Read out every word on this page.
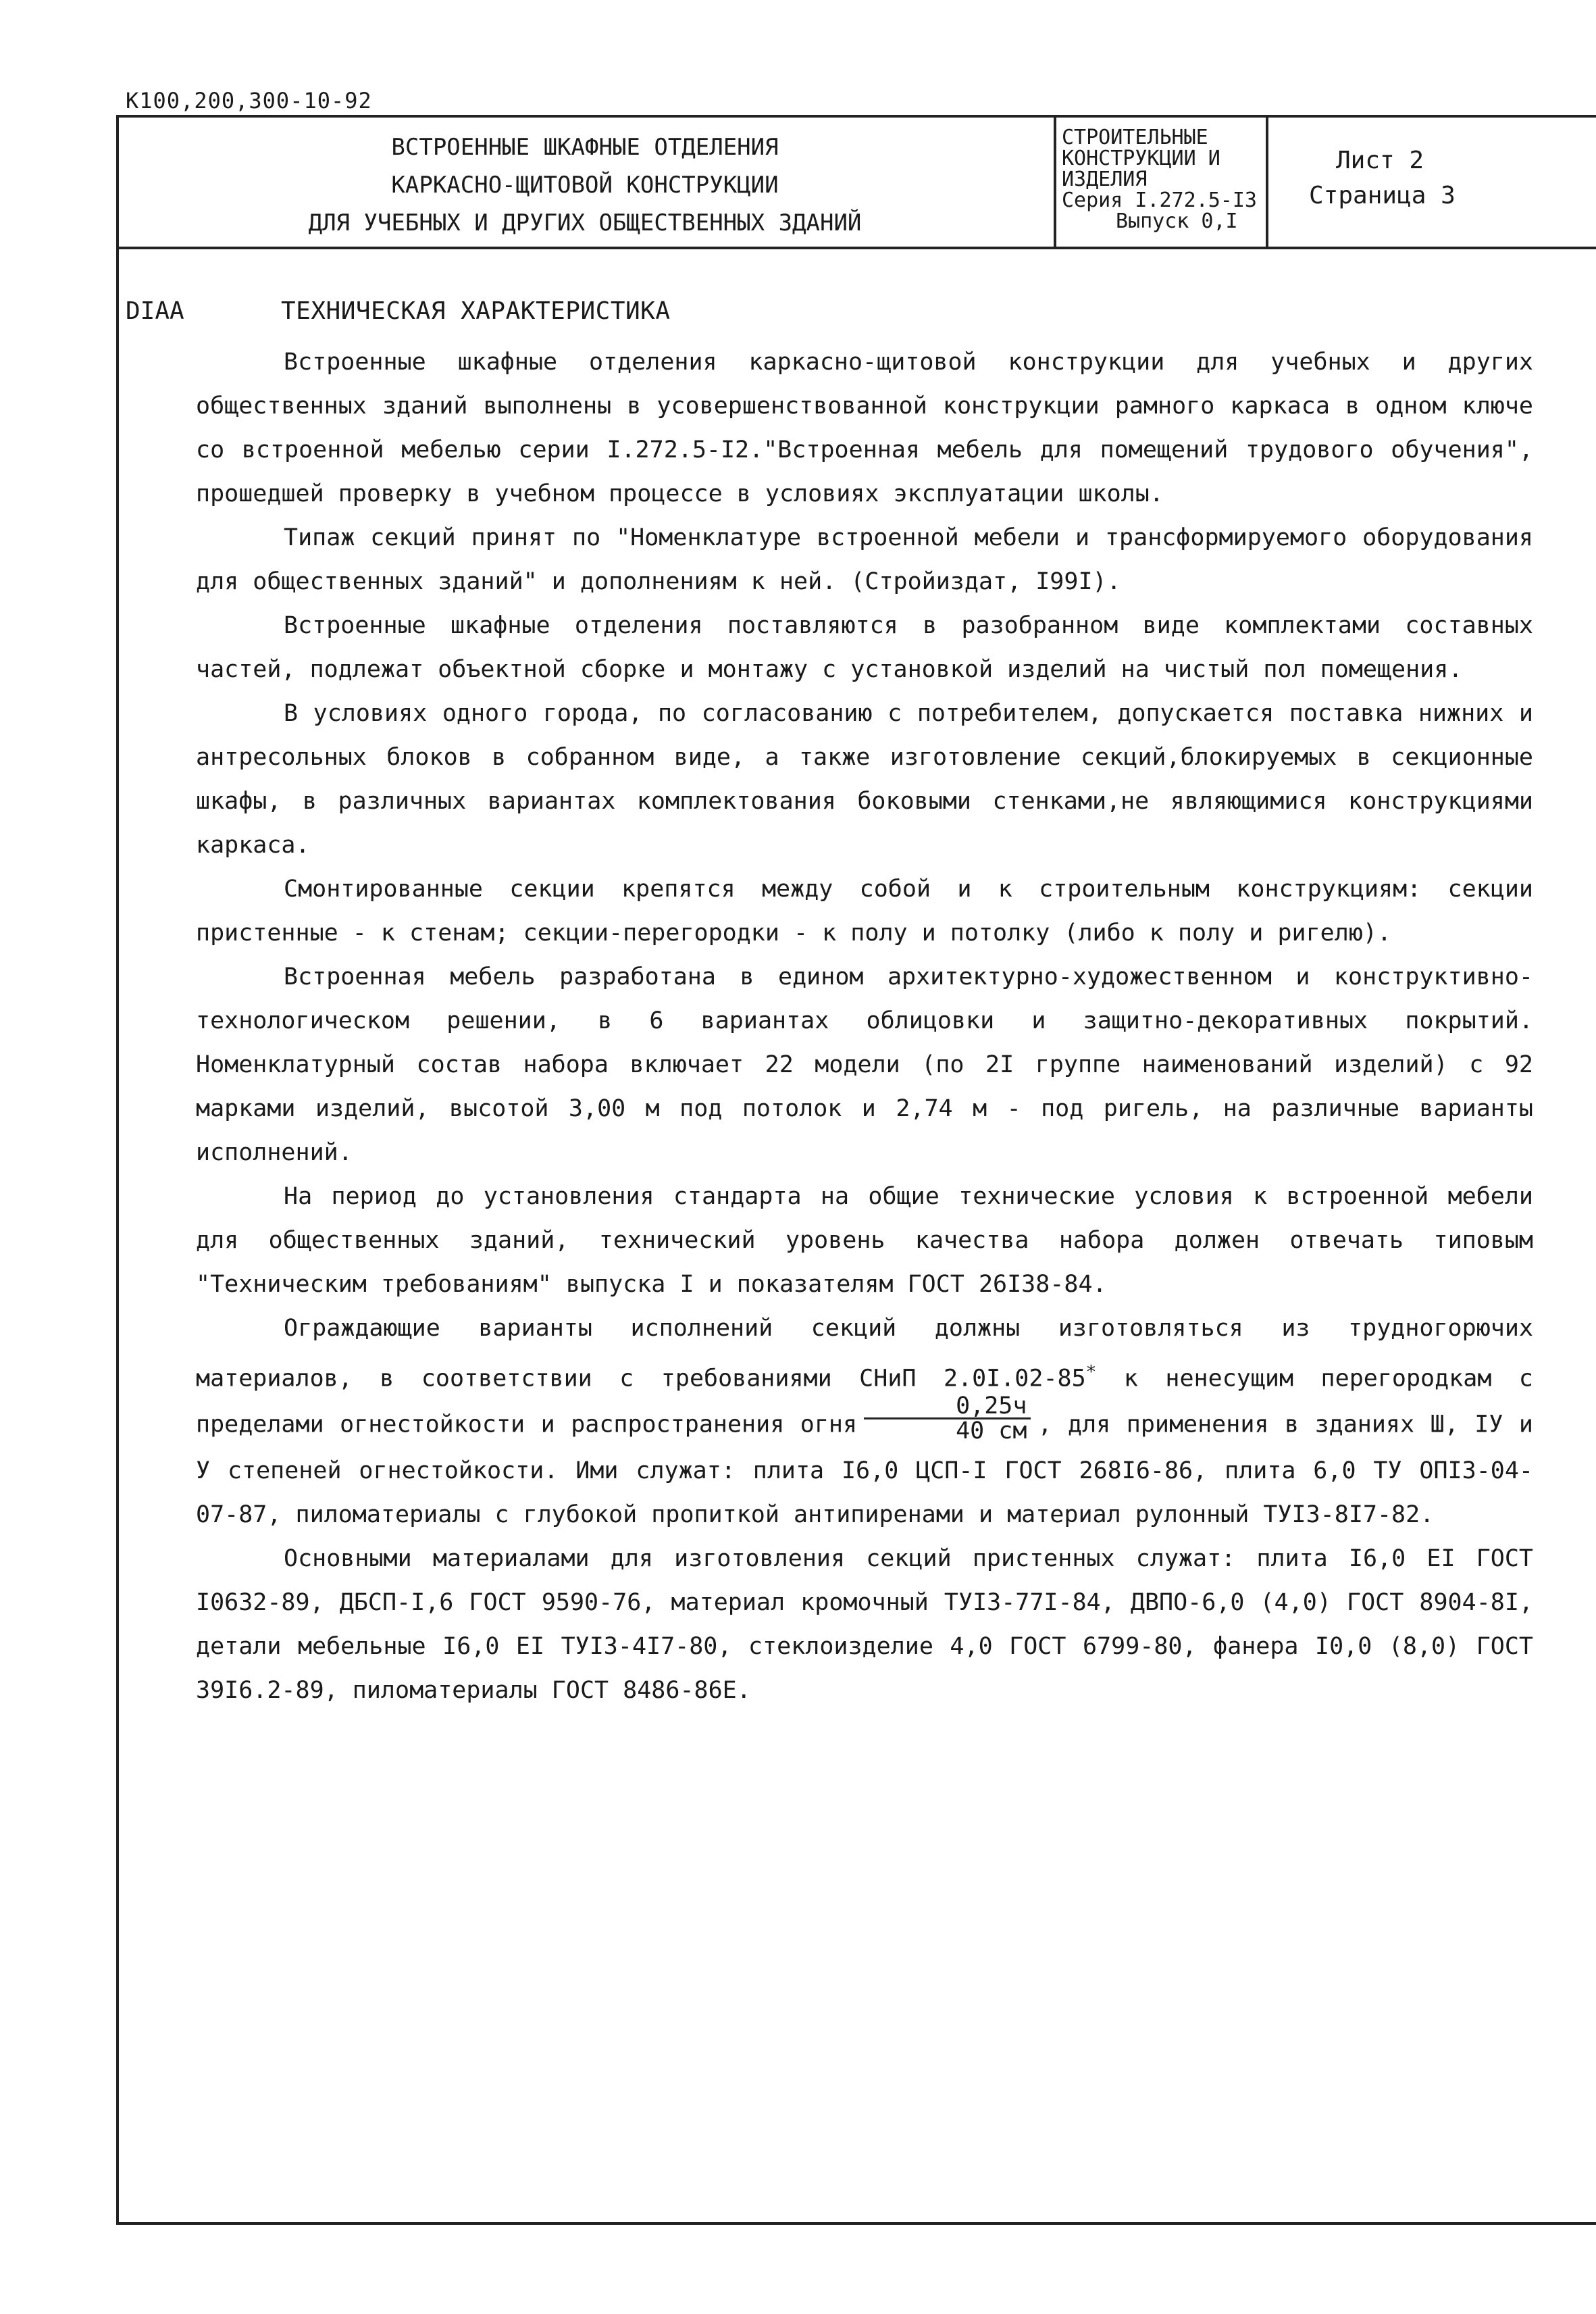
К100,200,300-10-92
ВСТРОЕННЫЕ ШКАФНЫЕ ОТДЕЛЕНИЯ
КАРКАСНО-ЩИТОВОЙ КОНСТРУКЦИИ
ДЛЯ УЧЕБНЫХ И ДРУГИХ ОБЩЕСТВЕННЫХ ЗДАНИЙ
СТРОИТЕЛЬНЫЕ
КОНСТРУКЦИИ И
ИЗДЕЛИЯ
Серия I.272.5-I3
Выпуск 0,I
Лист 2
Страница 3
DIAA	ТЕХНИЧЕСКАЯ ХАРАКТЕРИСТИКА

Встроенные шкафные отделения каркасно-щитовой конструкции для учебных и других общественных зданий выполнены в усовершенствованной конструкции рамного каркаса в одном ключе со встроенной мебелью серии I.272.5-I2."Встроенная мебель для помещений трудового обучения", прошедшей проверку в учебном процессе в условиях эксплуатации школы.

Типаж секций принят по "Номенклатуре встроенной мебели и трансформируемого оборудования для общественных зданий" и дополнениям к ней. (Стройиздат, I99I).

Встроенные шкафные отделения поставляются в разобранном виде комплектами составных частей, подлежат объектной сборке и монтажу с установкой изделий на чистый пол помещения.

В условиях одного города, по согласованию с потребителем, допускается поставка нижних и антресольных блоков в собранном виде, а также изготовление секций,блокируемых в секционные шкафы, в различных вариантах комплектования боковыми стенками,не являющимися конструкциями каркаса.

Смонтированные секции крепятся между собой и к строительным конструкциям: секции пристенные - к стенам; секции-перегородки - к полу и потолку (либо к полу и ригелю).

Встроенная мебель разработана в едином архитектурно-художественном и конструктивно-технологическом решении, в 6 вариантах облицовки и защитно-декоративных покрытий. Номенклатурный состав набора включает 22 модели (по 2I группе наименований изделий) с 92 марками изделий, высотой 3,00 м под потолок и 2,74 м - под ригель, на различные варианты исполнений.

На период до установления стандарта на общие технические условия к встроенной мебели для общественных зданий, технический уровень качества набора должен отвечать типовым "Техническим требованиям" выпуска I и показателям ГОСТ 26I38-84.

Ограждающие варианты исполнений секций должны изготовляться из трудногорючих материалов, в соответствии с требованиями СНиП 2.0I.02-85* к ненесущим перегородкам с пределами огнестойкости и распространения огня $\frac{0,25ч}{40 см}$ , для применения в зданиях Ш, IУ и У степеней огнестойкости. Ими служат: плита I6,0 ЦСП-I ГОСТ 268I6-86, плита 6,0 ТУ ОПI3-04-07-87, пиломатериалы с глубокой пропиткой антипиренами и материал рулонный ТУI3-8I7-82.

Основными материалами для изготовления секций пристенных служат: плита I6,0 ЕI ГОСТ I0632-89, ДБСП-I,6 ГОСТ 9590-76, материал кромочный ТУI3-77I-84, ДВПО-6,0 (4,0) ГОСТ 8904-8I, детали мебельные I6,0 ЕI ТУI3-4I7-80, стеклоизделие 4,0 ГОСТ 6799-80, фанера I0,0 (8,0) ГОСТ 39I6.2-89, пиломатериалы ГОСТ 8486-86Е.
